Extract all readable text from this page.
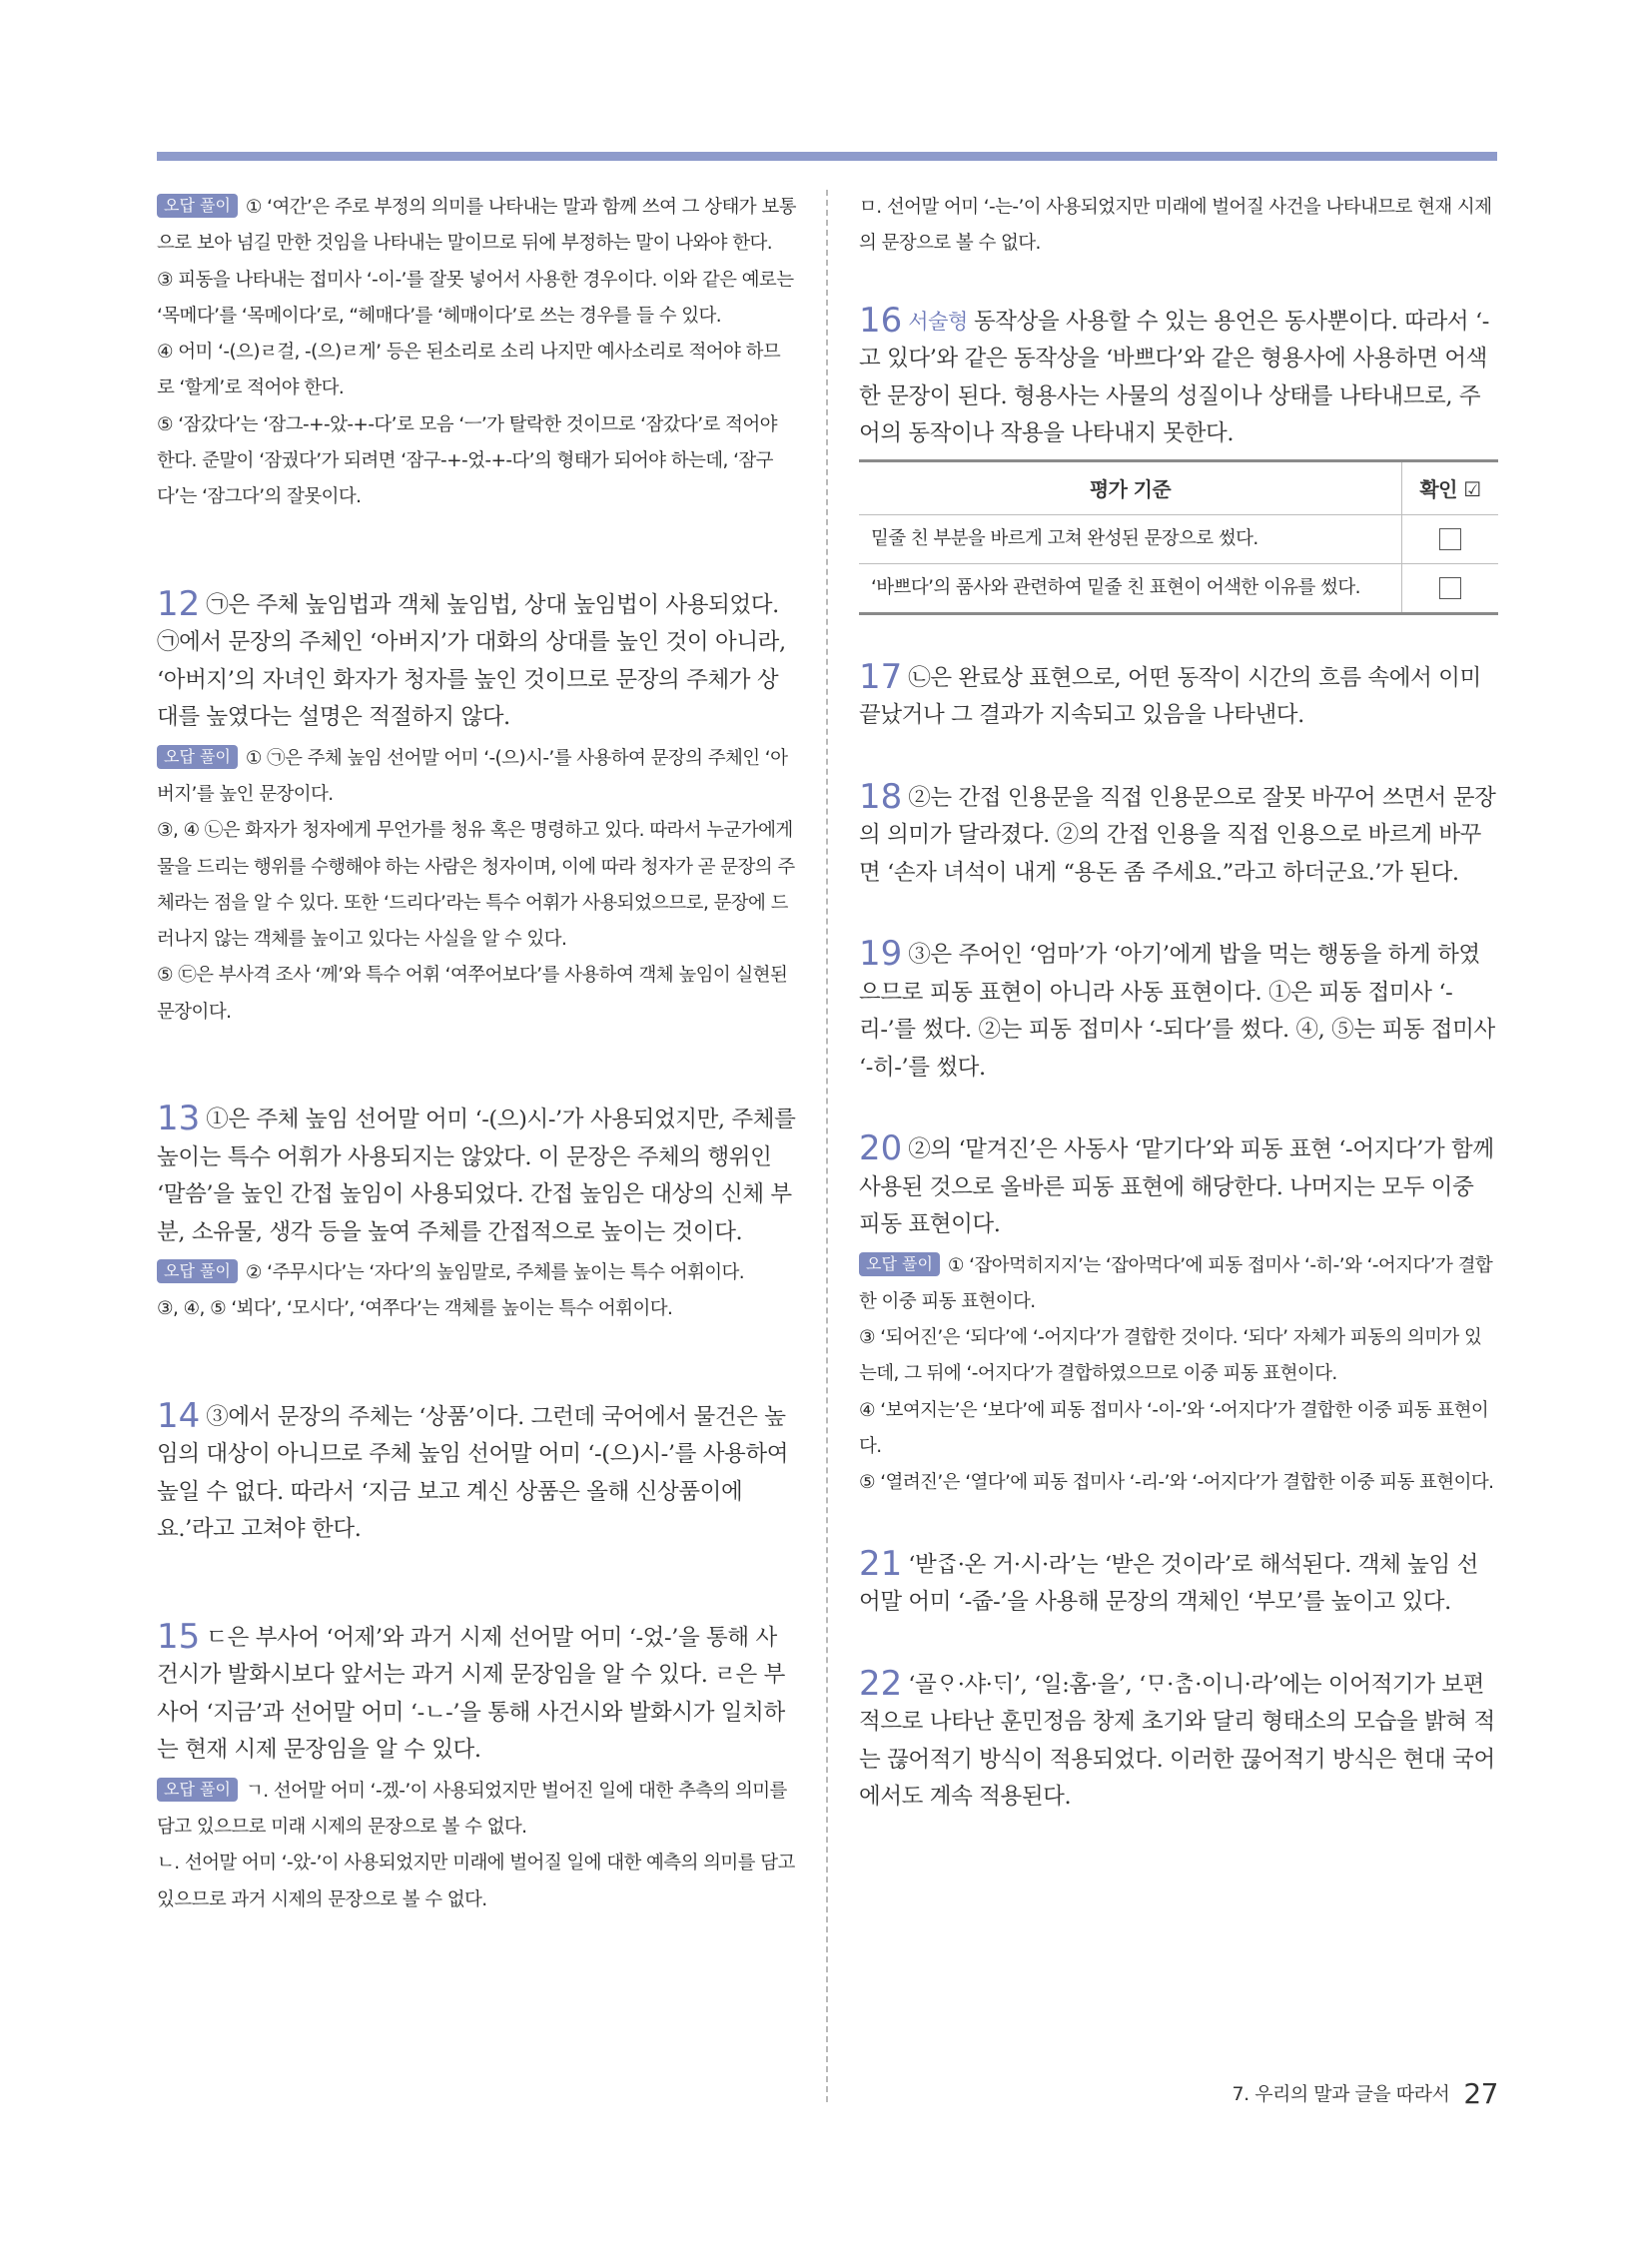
오답 풀이 ① ‘여간’은 주로 부정의 의미를 나타내는 말과 함께 쓰여 그 상태가 보통으로 보아 넘길 만한 것임을 나타내는 말이므로 뒤에 부정하는 말이 나와야 한다.
③ 피동을 나타내는 접미사 ‘-이-’를 잘못 넣어서 사용한 경우이다. 이와 같은 예로는 ‘목메다’를 ‘목메이다’로, “헤매다’를 ‘헤매이다’로 쓰는 경우를 들 수 있다.
④ 어미 ‘-(으)ㄹ걸, -(으)ㄹ게’ 등은 된소리로 소리 나지만 예사소리로 적어야 하므로 ‘할게’로 적어야 한다.
⑤ ‘잠갔다’는 ‘잠그-+-았-+-다’로 모음 ‘ㅡ’가 탈락한 것이므로 ‘잠갔다’로 적어야 한다. 준말이 ‘잠궜다’가 되려면 ‘잠구-+-었-+-다’의 형태가 되어야 하는데, ‘잠구다’는 ‘잠그다’의 잘못이다.
12 ㉠은 주체 높임법과 객체 높임법, 상대 높임법이 사용되었다. ㉠에서 문장의 주체인 ‘아버지’가 대화의 상대를 높인 것이 아니라, ‘아버지’의 자녀인 화자가 청자를 높인 것이므로 문장의 주체가 상대를 높였다는 설명은 적절하지 않다.
오답 풀이 ① ㉠은 주체 높임 선어말 어미 ‘-(으)시-’를 사용하여 문장의 주체인 ‘아버지’를 높인 문장이다.
③, ④ ㉡은 화자가 청자에게 무언가를 청유 혹은 명령하고 있다. 따라서 누군가에게 물을 드리는 행위를 수행해야 하는 사람은 청자이며, 이에 따라 청자가 곧 문장의 주체라는 점을 알 수 있다. 또한 ‘드리다’라는 특수 어휘가 사용되었으므로, 문장에 드러나지 않는 객체를 높이고 있다는 사실을 알 수 있다.
⑤ ㉢은 부사격 조사 ‘께’와 특수 어휘 ‘여쭈어보다’를 사용하여 객체 높임이 실현된 문장이다.
13 ①은 주체 높임 선어말 어미 ‘-(으)시-’가 사용되었지만, 주체를 높이는 특수 어휘가 사용되지는 않았다. 이 문장은 주체의 행위인 ‘말씀’을 높인 간접 높임이 사용되었다. 간접 높임은 대상의 신체 부분, 소유물, 생각 등을 높여 주체를 간접적으로 높이는 것이다.
오답 풀이 ② ‘주무시다’는 ‘자다’의 높임말로, 주체를 높이는 특수 어휘이다.
③, ④, ⑤ ‘뵈다’, ‘모시다’, ‘여쭈다’는 객체를 높이는 특수 어휘이다.
14 ③에서 문장의 주체는 ‘상품’이다. 그런데 국어에서 물건은 높임의 대상이 아니므로 주체 높임 선어말 어미 ‘-(으)시-’를 사용하여 높일 수 없다. 따라서 ‘지금 보고 계신 상품은 올해 신상품이에요.’라고 고쳐야 한다.
15 ㄷ은 부사어 ‘어제’와 과거 시제 선어말 어미 ‘-었-’을 통해 사건시가 발화시보다 앞서는 과거 시제 문장임을 알 수 있다. ㄹ은 부사어 ‘지금’과 선어말 어미 ‘-ㄴ-’을 통해 사건시와 발화시가 일치하는 현재 시제 문장임을 알 수 있다.
오답 풀이 ㄱ. 선어말 어미 ‘-겠-’이 사용되었지만 벌어진 일에 대한 추측의 의미를 담고 있으므로 미래 시제의 문장으로 볼 수 없다.
ㄴ. 선어말 어미 ‘-았-’이 사용되었지만 미래에 벌어질 일에 대한 예측의 의미를 담고 있으므로 과거 시제의 문장으로 볼 수 없다.
ㅁ. 선어말 어미 ‘-는-’이 사용되었지만 미래에 벌어질 사건을 나타내므로 현재 시제의 문장으로 볼 수 없다.
16 서술형 동작상을 사용할 수 있는 용언은 동사뿐이다. 따라서 ‘-고 있다’와 같은 동작상을 ‘바쁘다’와 같은 형용사에 사용하면 어색한 문장이 된다. 형용사는 사물의 성질이나 상태를 나타내므로, 주어의 동작이나 작용을 나타내지 못한다.
평가 기준	확인 ☑
밑줄 친 부분을 바르게 고쳐 완성된 문장으로 썼다.	
‘바쁘다’의 품사와 관련하여 밑줄 친 표현이 어색한 이유를 썼다.	
17 ㉡은 완료상 표현으로, 어떤 동작이 시간의 흐름 속에서 이미 끝났거나 그 결과가 지속되고 있음을 나타낸다.
18 ②는 간접 인용문을 직접 인용문으로 잘못 바꾸어 쓰면서 문장의 의미가 달라졌다. ②의 간접 인용을 직접 인용으로 바르게 바꾸면 ‘손자 녀석이 내게 “용돈 좀 주세요.”라고 하더군요.’가 된다.
19 ③은 주어인 ‘엄마’가 ‘아기’에게 밥을 먹는 행동을 하게 하였으므로 피동 표현이 아니라 사동 표현이다. ①은 피동 접미사 ‘-리-’를 썼다. ②는 피동 접미사 ‘-되다’를 썼다. ④, ⑤는 피동 접미사 ‘-히-’를 썼다.
20 ②의 ‘맡겨진’은 사동사 ‘맡기다’와 피동 표현 ‘-어지다’가 함께 사용된 것으로 올바른 피동 표현에 해당한다. 나머지는 모두 이중 피동 표현이다.
오답 풀이 ① ‘잡아먹히지지’는 ‘잡아먹다’에 피동 접미사 ‘-히-’와 ‘-어지다’가 결합한 이중 피동 표현이다.
③ ‘되어진’은 ‘되다’에 ‘-어지다’가 결합한 것이다. ‘되다’ 자체가 피동의 의미가 있는데, 그 뒤에 ‘-어지다’가 결합하였으므로 이중 피동 표현이다.
④ ‘보여지는’은 ‘보다’에 피동 접미사 ‘-이-’와 ‘-어지다’가 결합한 이중 피동 표현이다.
⑤ ‘열려진’은 ‘열다’에 피동 접미사 ‘-리-’와 ‘-어지다’가 결합한 이중 피동 표현이다.
21 ‘받ᄌᆞᆸ·온 거·시·라’는 ‘받은 것이라’로 해석된다. 객체 높임 선어말 어미 ‘-줍-’을 사용해 문장의 객체인 ‘부모’를 높이고 있다.
22 ‘골ᄋᆞ·샤·ᄃᆡ’, ‘일:홈·을’, ‘ᄆᆞ·ᄎᆞᆷ·이니·라’에는 이어적기가 보편적으로 나타난 훈민정음 창제 초기와 달리 형태소의 모습을 밝혀 적는 끊어적기 방식이 적용되었다. 이러한 끊어적기 방식은 현대 국어에서도 계속 적용된다.
7. 우리의 말과 글을 따라서 27
